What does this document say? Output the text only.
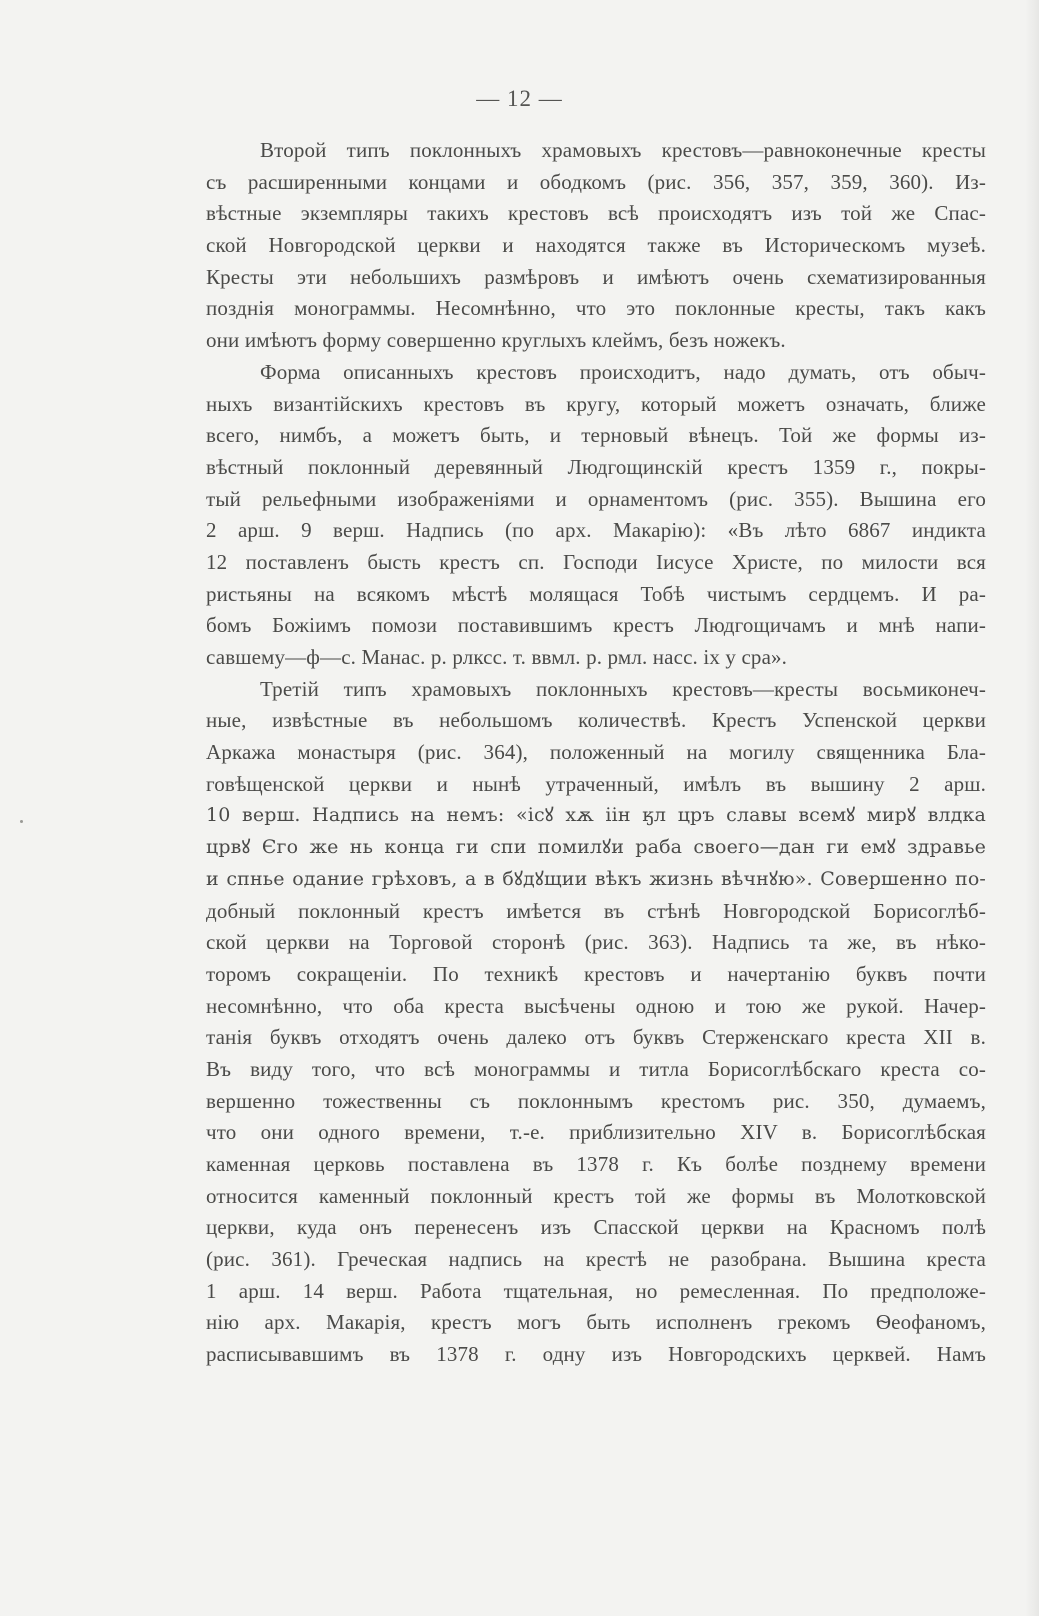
— 12 —
Второй типъ поклонныхъ храмовыхъ крестовъ—равноконечные кресты
съ расширенными концами и ободкомъ (рис. 356, 357, 359, 360). Из-
вѣстные экземпляры такихъ крестовъ всѣ происходятъ изъ той же Спас-
ской Новгородской церкви и находятся также въ Историческомъ музеѣ.
Кресты эти небольшихъ размѣровъ и имѣютъ очень схематизированныя
позднія монограммы. Несомнѣнно, что это поклонные кресты, такъ какъ
они имѣютъ форму совершенно круглыхъ клеймъ, безъ ножекъ.
Форма описанныхъ крестовъ происходитъ, надо думать, отъ обыч-
ныхъ византійскихъ крестовъ въ кругу, который можетъ означать, ближе
всего, нимбъ, а можетъ быть, и терновый вѣнецъ. Той же формы из-
вѣстный поклонный деревянный Людгощинскій крестъ 1359 г., покры-
тый рельефными изображеніями и орнаментомъ (рис. 355). Вышина его
2 арш. 9 верш. Надпись (по арх. Макарію): «Въ лѣто 6867 индикта
12 поставленъ бысть крестъ сп. Господи Іисусе Христе, по милости вся
ристьяны на всякомъ мѣстѣ молящася Тобѣ чистымъ сердцемъ. И ра-
бомъ Божіимъ помози поставившимъ крестъ Людгощичамъ и мнѣ напи-
савшему—ф—с. Манас. р. рлксс. т. ввмл. р. рмл. насс. іх у сра».
Третій типъ храмовыхъ поклонныхъ крестовъ—кресты восьмиконеч-
ные, извѣстные въ небольшомъ количествѣ. Крестъ Успенской церкви
Аркажа монастыря (рис. 364), положенный на могилу священника Бла-
говѣщенской церкви и нынѣ утраченный, имѣлъ въ вышину 2 арш.
10 верш. Надпись на немъ: «ісꙋ хѫ іін ӄл цръ славы всемꙋ мирꙋ влдка
црвꙋ Єго же нь конца ги спи помилꙋи раба своего—дан ги емꙋ здравье
и спнье одание грѣховъ, а в бꙋдꙋщии вѣкъ жизнь вѣчнꙋю». Совершенно по-
добный поклонный крестъ имѣется въ стѣнѣ Новгородской Борисоглѣб-
ской церкви на Торговой сторонѣ (рис. 363). Надпись та же, въ нѣко-
торомъ сокращеніи. По техникѣ крестовъ и начертанію буквъ почти
несомнѣнно, что оба креста высѣчены одною и тою же рукой. Начер-
танія буквъ отходятъ очень далеко отъ буквъ Стерженскаго креста XII в.
Въ виду того, что всѣ монограммы и титла Борисоглѣбскаго креста со-
вершенно тожественны съ поклоннымъ крестомъ рис. 350, думаемъ,
что они одного времени, т.-е. приблизительно XIV в. Борисоглѣбская
каменная церковь поставлена въ 1378 г. Къ болѣе позднему времени
относится каменный поклонный крестъ той же формы въ Молотковской
церкви, куда онъ перенесенъ изъ Спасской церкви на Красномъ полѣ
(рис. 361). Греческая надпись на крестѣ не разобрана. Вышина креста
1 арш. 14 верш. Работа тщательная, но ремесленная. По предположе-
нію арх. Макарія, крестъ могъ быть исполненъ грекомъ Ѳеофаномъ,
расписывавшимъ въ 1378 г. одну изъ Новгородскихъ церквей. Намъ
